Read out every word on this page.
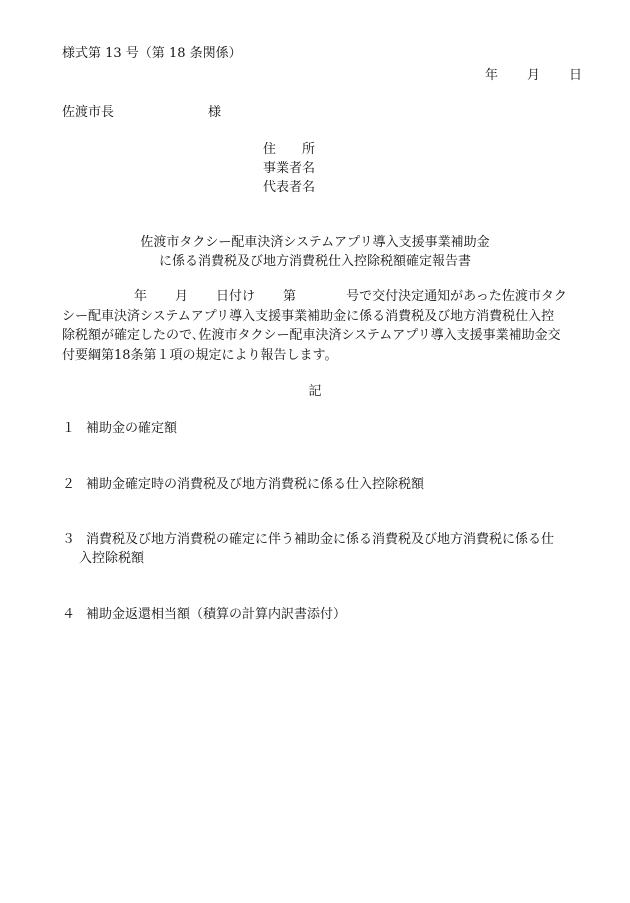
様式第 13 号（第 18 条関係）
年 月 日
佐渡市長	様
住　　所
事業者名
代表者名
佐渡市タクシー配車決済システムアプリ導入支援事業補助金
に係る消費税及び地方消費税仕入控除税額確定報告書
年 月 日付け 第	号で交付決定通知があった佐渡市タク
シー配車決済システムアプリ導入支援事業補助金に係る消費税及び地方消費税仕入控
除税額が確定したので､佐渡市タクシー配車決済システムアプリ導入支援事業補助金交
付要綱第18条第１項の規定により報告します。
記
１ 補助金の確定額
２ 補助金確定時の消費税及び地方消費税に係る仕入控除税額
３ 消費税及び地方消費税の確定に伴う補助金に係る消費税及び地方消費税に係る仕
入控除税額
４ 補助金返還相当額（積算の計算内訳書添付）
